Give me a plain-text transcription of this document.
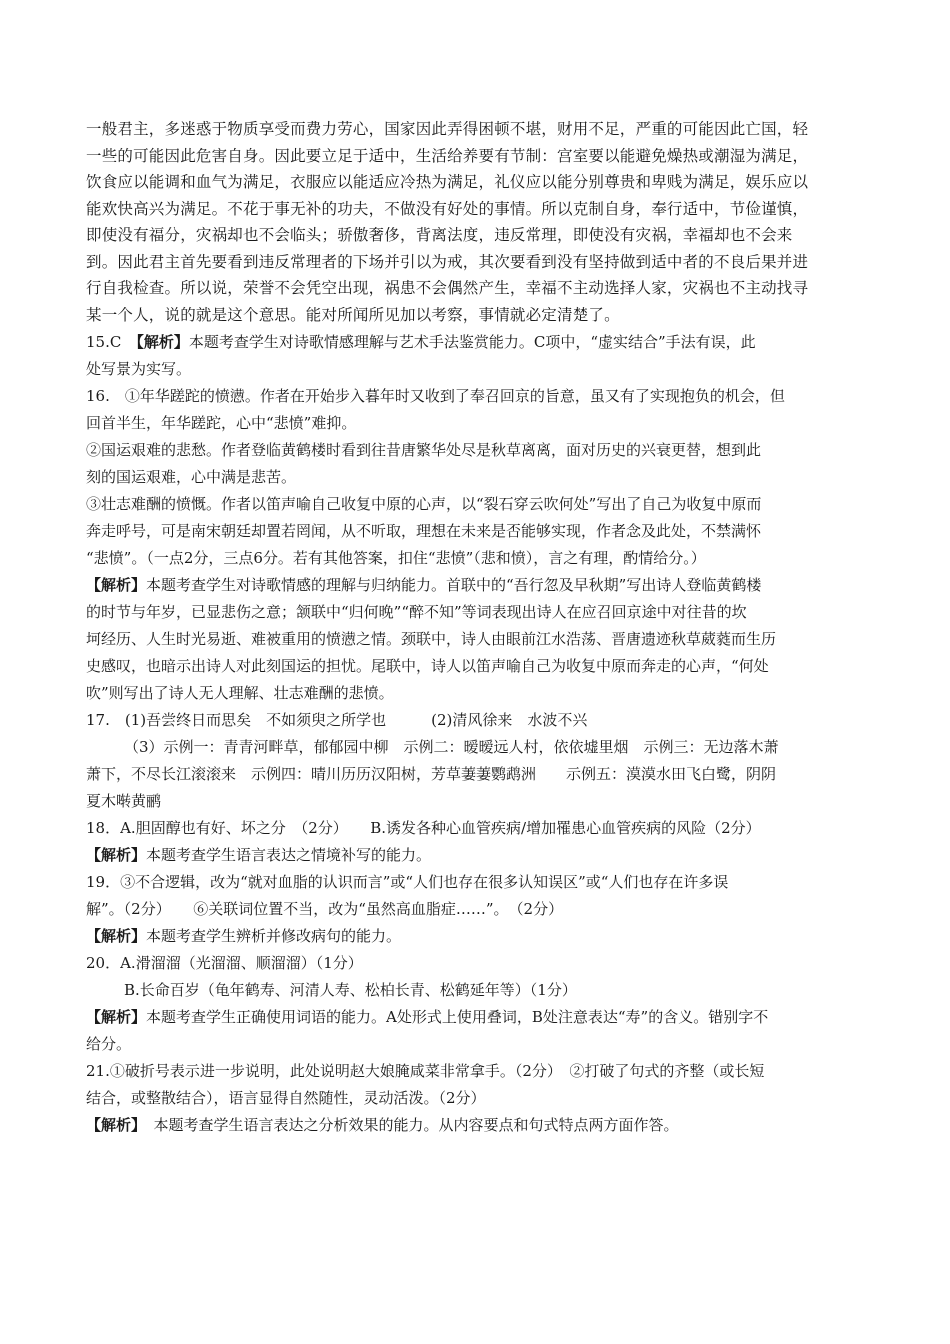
一般君主，多迷惑于物质享受而费力劳心，国家因此弄得困顿不堪，财用不足，严重的可能因此亡国，轻
一些的可能因此危害自身。因此要立足于适中，生活给养要有节制：宫室要以能避免燥热或潮湿为满足，
饮食应以能调和血气为满足，衣服应以能适应冷热为满足，礼仪应以能分别尊贵和卑贱为满足，娱乐应以
能欢快高兴为满足。不花于事无补的功夫，不做没有好处的事情。所以克制自身，奉行适中，节俭谨慎，
即使没有福分，灾祸却也不会临头；骄傲奢侈，背离法度，违反常理，即使没有灾祸，幸福却也不会来
到。因此君主首先要看到违反常理者的下场并引以为戒，其次要看到没有坚持做到适中者的不良后果并进
行自我检查。所以说，荣誉不会凭空出现，祸患不会偶然产生，幸福不主动选择人家，灾祸也不主动找寻
某一个人，说的就是这个意思。能对所闻所见加以考察，事情就必定清楚了。
15.C　【解析】本题考查学生对诗歌情感理解与艺术手法鉴赏能力。C项中，“虚实结合”手法有误，此
处写景为实写。
16.　①年华蹉跎的愤懑。作者在开始步入暮年时又收到了奉召回京的旨意，虽又有了实现抱负的机会，但
回首半生，年华蹉跎，心中“悲愤”难抑。
②国运艰难的悲愁。作者登临黄鹤楼时看到往昔唐繁华处尽是秋草离离，面对历史的兴衰更替，想到此
刻的国运艰难，心中满是悲苦。
③壮志难酬的愤慨。作者以笛声喻自己收复中原的心声，以“裂石穿云吹何处”写出了自己为收复中原而
奔走呼号，可是南宋朝廷却置若罔闻，从不听取，理想在未来是否能够实现，作者念及此处，不禁满怀
“悲愤”。（一点2分，三点6分。若有其他答案，扣住“悲愤”（悲和愤），言之有理，酌情给分。）
【解析】本题考查学生对诗歌情感的理解与归纳能力。首联中的“吾行忽及早秋期”写出诗人登临黄鹤楼
的时节与年岁，已显悲伤之意；颔联中“归何晚”“醉不知”等词表现出诗人在应召回京途中对往昔的坎
坷经历、人生时光易逝、难被重用的愤懑之情。颈联中，诗人由眼前江水浩荡、晋唐遗迹秋草葳蕤而生历
史感叹，也暗示出诗人对此刻国运的担忧。尾联中，诗人以笛声喻自己为收复中原而奔走的心声，“何处
吹”则写出了诗人无人理解、壮志难酬的悲愤。
17.　(1)吾尝终日而思矣　不如须臾之所学也　　　(2)清风徐来　水波不兴
（3）示例一：青青河畔草，郁郁园中柳　示例二：暧暧远人村，依依墟里烟　示例三：无边落木萧
萧下，不尽长江滚滚来　示例四：晴川历历汉阳树，芳草萋萋鹦鹉洲　　示例五：漠漠水田飞白鹭，阴阴
夏木啭黄鹂
18．A.胆固醇也有好、坏之分　（2分）　　B.诱发各种心血管疾病/增加罹患心血管疾病的风险（2分）
【解析】本题考查学生语言表达之情境补写的能力。
19．③不合逻辑，改为“就对血脂的认识而言”或“人们也存在很多认知误区”或“人们也存在许多误
解”。（2分）　　⑥关联词位置不当，改为“虽然高血脂症……”。　（2分）
【解析】本题考查学生辨析并修改病句的能力。
20．A.滑溜溜（光溜溜、顺溜溜）（1分）
B.长命百岁（龟年鹤寿、河清人寿、松柏长青、松鹤延年等）（1分）
【解析】本题考查学生正确使用词语的能力。A处形式上使用叠词，B处注意表达“寿”的含义。错别字不
给分。
21.①破折号表示进一步说明，此处说明赵大娘腌咸菜非常拿手。（2分）　②打破了句式的齐整（或长短
结合，或整散结合），语言显得自然随性，灵动活泼。（2分）
【解析】　本题考查学生语言表达之分析效果的能力。从内容要点和句式特点两方面作答。
